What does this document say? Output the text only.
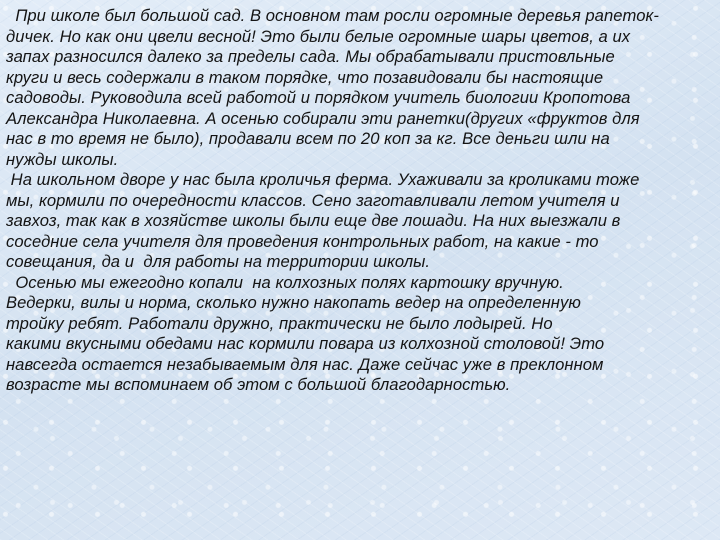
При школе был большой сад. В основном там росли огромные деревья раneток-
дичек. Но как они цвели весной! Это были белые огромные шары цветов, а их
запах разносился далеко за пределы сада. Мы обрабатывали пристовльные
круги и весь содержали в таком порядке, что позавидовали бы настоящие
садоводы. Руководила всей работой и порядком учитель биологии Кропотова
Александра Николаевна. А осенью собирали эти ранетки(других «фруктов для
нас в то время не было), продавали всем по 20 коп за кг. Все деньги шли на
нужды школы.
На школьном дворе у нас была кроличья ферма. Ухаживали за кроликами тоже
мы, кормили по очередности классов. Сено заготавливали летом учителя и
завхоз, так как в хозяйстве школы были еще две лошади. На них выезжали в
соседние села учителя для проведения контрольных работ, на какие - то
совещания, да и  для работы на территории школы.
Осенью мы ежегодно копали  на колхозных полях картошку вручную.
Ведерки, вилы и норма, сколько нужно накопать ведер на определенную
тройку ребят. Работали дружно, практически не было лодырей. Но
какими вкусными обедами нас кормили повара из колхозной столовой! Это
навсегда остается незабываемым для нас. Даже сейчас уже в преклонном
возрасте мы вспоминаем об этом с большой благодарностью.
